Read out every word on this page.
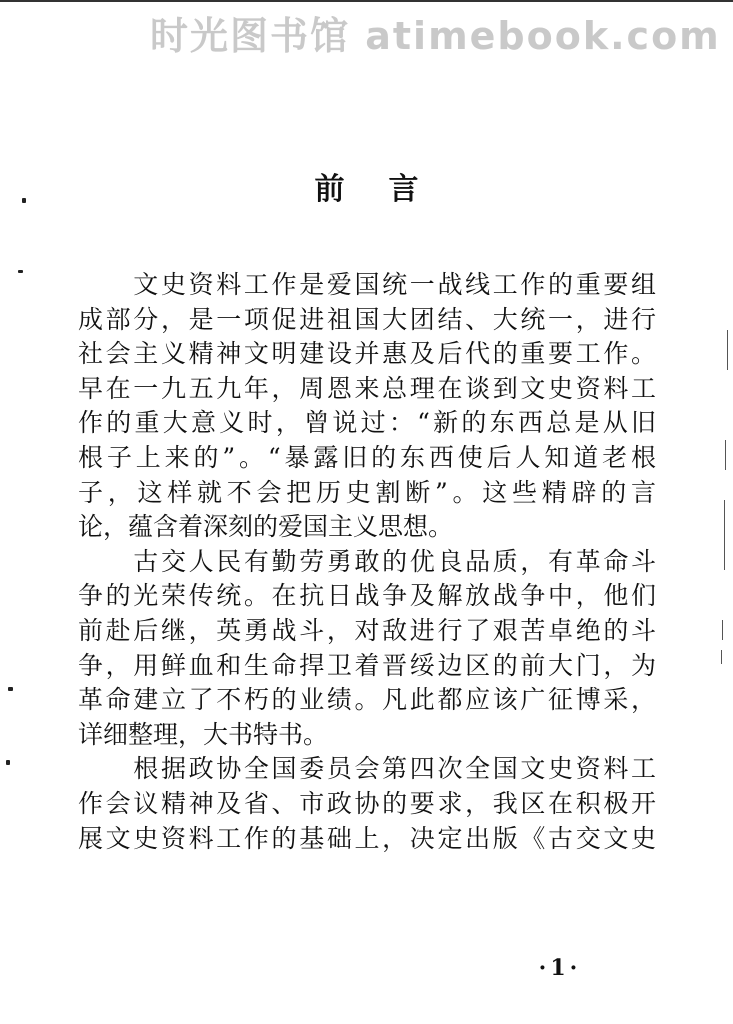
时光图书馆 atimebook.com
前言

　　文史资料工作是爱国统一战线工作的重要组
成部分，是一项促进祖国大团结、大统一，进行
社会主义精神文明建设并惠及后代的重要工作。
早在一九五九年，周恩来总理在谈到文史资料工
作的重大意义时，曾说过：“新的东西总是从旧
根子上来的”。“暴露旧的东西使后人知道老根
子，这样就不会把历史割断”。这些精辟的言
论，蕴含着深刻的爱国主义思想。

　　古交人民有勤劳勇敢的优良品质，有革命斗
争的光荣传统。在抗日战争及解放战争中，他们
前赴后继，英勇战斗，对敌进行了艰苦卓绝的斗
争，用鲜血和生命捍卫着晋绥边区的前大门，为
革命建立了不朽的业绩。凡此都应该广征博采，
详细整理，大书特书。

　　根据政协全国委员会第四次全国文史资料工
作会议精神及省、市政协的要求，我区在积极开
展文史资料工作的基础上，决定出版《古交文史

·1·
